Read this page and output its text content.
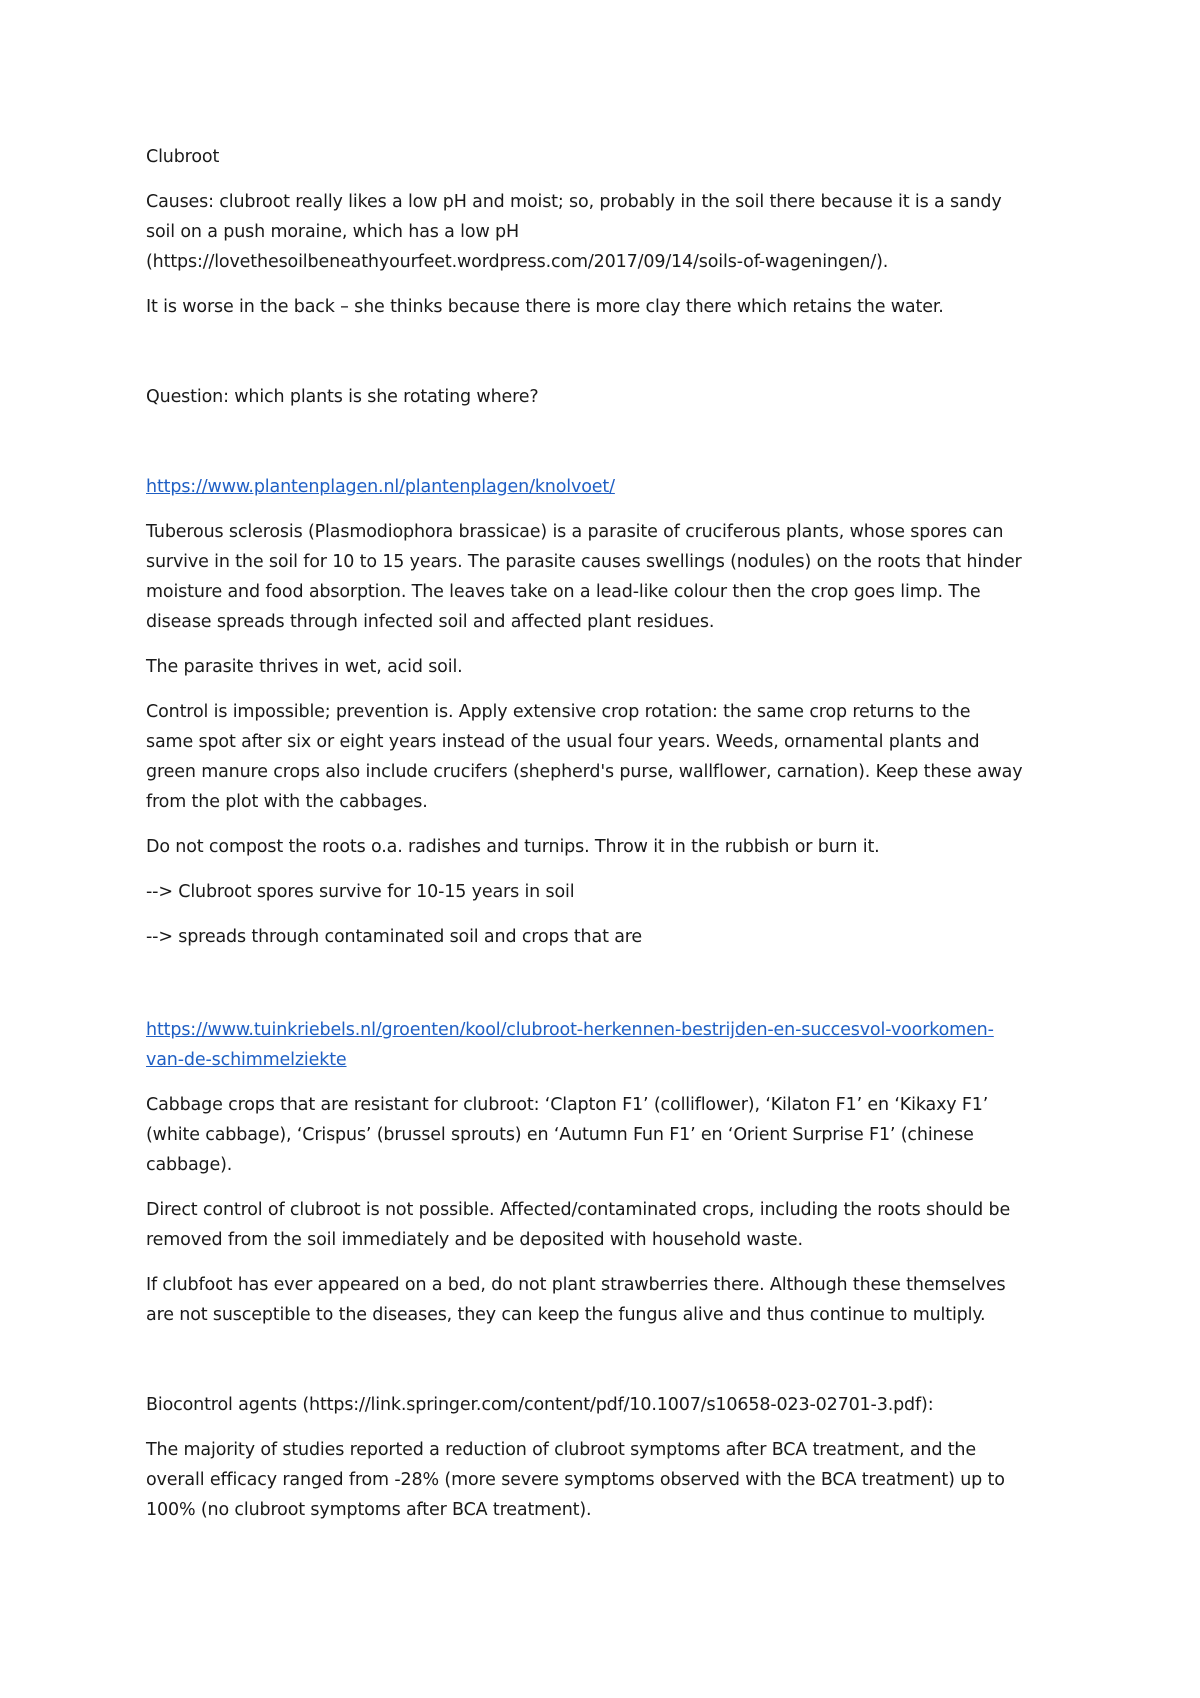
Clubroot

Causes: clubroot really likes a low pH and moist; so, probably in the soil there because it is a sandy
soil on a push moraine, which has a low pH
(https://lovethesoilbeneathyourfeet.wordpress.com/2017/09/14/soils-of-wageningen/).

It is worse in the back – she thinks because there is more clay there which retains the water.

Question: which plants is she rotating where?

https://www.plantenplagen.nl/plantenplagen/knolvoet/

Tuberous sclerosis (Plasmodiophora brassicae) is a parasite of cruciferous plants, whose spores can
survive in the soil for 10 to 15 years. The parasite causes swellings (nodules) on the roots that hinder
moisture and food absorption. The leaves take on a lead-like colour then the crop goes limp. The
disease spreads through infected soil and affected plant residues.

The parasite thrives in wet, acid soil.

Control is impossible; prevention is. Apply extensive crop rotation: the same crop returns to the
same spot after six or eight years instead of the usual four years. Weeds, ornamental plants and
green manure crops also include crucifers (shepherd's purse, wallflower, carnation). Keep these away
from the plot with the cabbages.

Do not compost the roots o.a. radishes and turnips. Throw it in the rubbish or burn it.

--> Clubroot spores survive for 10-15 years in soil

--> spreads through contaminated soil and crops that are

https://www.tuinkriebels.nl/groenten/kool/clubroot-herkennen-bestrijden-en-succesvol-voorkomen-
van-de-schimmelziekte

Cabbage crops that are resistant for clubroot: ‘Clapton F1’ (colliflower), ‘Kilaton F1’ en ‘Kikaxy F1’
(white cabbage), ‘Crispus’ (brussel sprouts) en ‘Autumn Fun F1’ en ‘Orient Surprise F1’ (chinese
cabbage).

Direct control of clubroot is not possible. Affected/contaminated crops, including the roots should be
removed from the soil immediately and be deposited with household waste.

If clubfoot has ever appeared on a bed, do not plant strawberries there. Although these themselves
are not susceptible to the diseases, they can keep the fungus alive and thus continue to multiply.

Biocontrol agents (https://link.springer.com/content/pdf/10.1007/s10658-023-02701-3.pdf):

The majority of studies reported a reduction of clubroot symptoms after BCA treatment, and the
overall efficacy ranged from -28% (more severe symptoms observed with the BCA treatment) up to
100% (no clubroot symptoms after BCA treatment).
